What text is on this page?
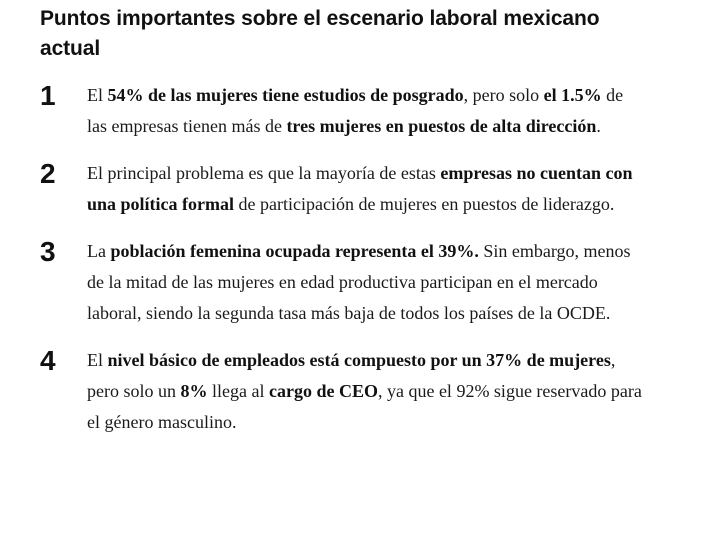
Puntos importantes sobre el escenario laboral mexicano actual
1 El 54% de las mujeres tiene estudios de posgrado, pero solo el 1.5% de las empresas tienen más de tres mujeres en puestos de alta dirección.
2 El principal problema es que la mayoría de estas empresas no cuentan con una política formal de participación de mujeres en puestos de liderazgo.
3 La población femenina ocupada representa el 39%. Sin embargo, menos de la mitad de las mujeres en edad productiva participan en el mercado laboral, siendo la segunda tasa más baja de todos los países de la OCDE.
4 El nivel básico de empleados está compuesto por un 37% de mujeres, pero solo un 8% llega al cargo de CEO, ya que el 92% sigue reservado para el género masculino.
